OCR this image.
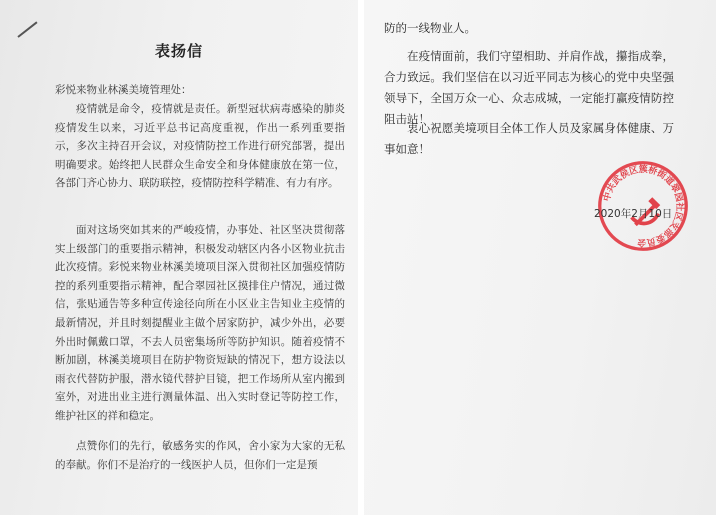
表扬信
彩悦来物业林溪美境管理处：

疫情就是命令，疫情就是责任。新型冠状病毒感染的肺炎疫情发生以来，习近平总书记高度重视，作出一系列重要指示，多次主持召开会议，对疫情防控工作进行研究部署，提出明确要求。始终把人民群众生命安全和身体健康放在第一位，各部门齐心协力、联防联控，疫情防控科学精准、有力有序。

面对这场突如其来的严峻疫情，办事处、社区坚决贯彻落实上级部门的重要指示精神，积极发动辖区内各小区物业抗击此次疫情。彩悦来物业林溪美境项目深入贯彻社区加强疫情防控的系列重要指示精神，配合翠园社区摸排住户情况，通过微信，张贴通告等多种宣传途径向所在小区业主告知业主疫情的最新情况，并且时刻提醒业主做个居家防护，减少外出，必要外出时佩戴口罩，不去人员密集场所等防护知识。随着疫情不断加剧，林溪美境项目在防护物资短缺的情况下，想方设法以雨衣代替防护服，潜水镜代替护目镜，把工作场所从室内搬到室外，对进出业主进行测量体温、出入实时登记等防控工作，维护社区的祥和稳定。

点赞你们的先行，敏感务实的作风，舍小家为大家的无私的奉献。你们不是治疗的一线医护人员，但你们一定是预

防的一线物业人。

在疫情面前，我们守望相助、并肩作战，攥指成拳，合力致远。我们坚信在以习近平同志为核心的党中央坚强领导下，全国万众一心、众志成城，一定能打赢疫情防控阻击站！

衷心祝愿美境项目全体工作人员及家属身体健康、万事如意！

中共武侯区簇桥街道翠园社区支部委员会
2020年2月10日
